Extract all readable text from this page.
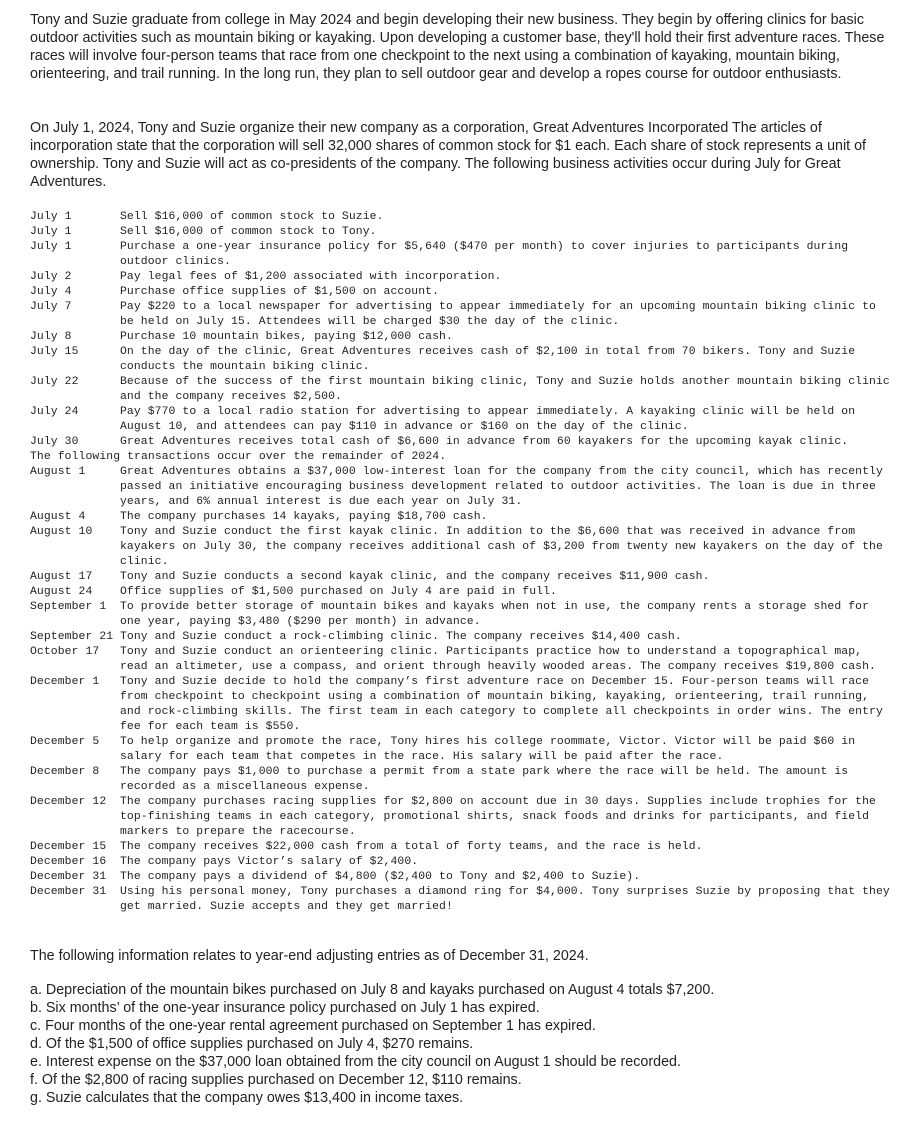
Tony and Suzie graduate from college in May 2024 and begin developing their new business. They begin by offering clinics for basic outdoor activities such as mountain biking or kayaking. Upon developing a customer base, they'll hold their first adventure races. These races will involve four-person teams that race from one checkpoint to the next using a combination of kayaking, mountain biking, orienteering, and trail running. In the long run, they plan to sell outdoor gear and develop a ropes course for outdoor enthusiasts.

On July 1, 2024, Tony and Suzie organize their new company as a corporation, Great Adventures Incorporated The articles of incorporation state that the corporation will sell 32,000 shares of common stock for $1 each. Each share of stock represents a unit of ownership. Tony and Suzie will act as co-presidents of the company. The following business activities occur during July for Great Adventures.

July 1	Sell $16,000 of common stock to Suzie.
July 1	Sell $16,000 of common stock to Tony.
July 1	Purchase a one-year insurance policy for $5,640 ($470 per month) to cover injuries to participants during outdoor clinics.
July 2	Pay legal fees of $1,200 associated with incorporation.
July 4	Purchase office supplies of $1,500 on account.
July 7	Pay $220 to a local newspaper for advertising to appear immediately for an upcoming mountain biking clinic to be held on July 15. Attendees will be charged $30 the day of the clinic.
July 8	Purchase 10 mountain bikes, paying $12,000 cash.
July 15	On the day of the clinic, Great Adventures receives cash of $2,100 in total from 70 bikers. Tony and Suzie conducts the mountain biking clinic.
July 22	Because of the success of the first mountain biking clinic, Tony and Suzie holds another mountain biking clinic and the company receives $2,500.
July 24	Pay $770 to a local radio station for advertising to appear immediately. A kayaking clinic will be held on August 10, and attendees can pay $110 in advance or $160 on the day of the clinic.
July 30	Great Adventures receives total cash of $6,600 in advance from 60 kayakers for the upcoming kayak clinic.
The following transactions occur over the remainder of 2024.
August 1	Great Adventures obtains a $37,000 low-interest loan for the company from the city council, which has recently passed an initiative encouraging business development related to outdoor activities. The loan is due in three years, and 6% annual interest is due each year on July 31.
August 4	The company purchases 14 kayaks, paying $18,700 cash.
August 10	Tony and Suzie conduct the first kayak clinic. In addition to the $6,600 that was received in advance from kayakers on July 30, the company receives additional cash of $3,200 from twenty new kayakers on the day of the clinic.
August 17	Tony and Suzie conducts a second kayak clinic, and the company receives $11,900 cash.
August 24	Office supplies of $1,500 purchased on July 4 are paid in full.
September 1	To provide better storage of mountain bikes and kayaks when not in use, the company rents a storage shed for one year, paying $3,480 ($290 per month) in advance.
September 21 Tony and Suzie conduct a rock-climbing clinic. The company receives $14,400 cash.
October 17	Tony and Suzie conduct an orienteering clinic. Participants practice how to understand a topographical map, read an altimeter, use a compass, and orient through heavily wooded areas. The company receives $19,800 cash.
December 1	Tony and Suzie decide to hold the company’s first adventure race on December 15. Four-person teams will race from checkpoint to checkpoint using a combination of mountain biking, kayaking, orienteering, trail running, and rock-climbing skills. The first team in each category to complete all checkpoints in order wins. The entry fee for each team is $550.
December 5	To help organize and promote the race, Tony hires his college roommate, Victor. Victor will be paid $60 in salary for each team that competes in the race. His salary will be paid after the race.
December 8	The company pays $1,000 to purchase a permit from a state park where the race will be held. The amount is recorded as a miscellaneous expense.
December 12	The company purchases racing supplies for $2,800 on account due in 30 days. Supplies include trophies for the top-finishing teams in each category, promotional shirts, snack foods and drinks for participants, and field markers to prepare the racecourse.
December 15	The company receives $22,000 cash from a total of forty teams, and the race is held.
December 16	The company pays Victor’s salary of $2,400.
December 31	The company pays a dividend of $4,800 ($2,400 to Tony and $2,400 to Suzie).
December 31	Using his personal money, Tony purchases a diamond ring for $4,000. Tony surprises Suzie by proposing that they get married. Suzie accepts and they get married!

The following information relates to year-end adjusting entries as of December 31, 2024.

a. Depreciation of the mountain bikes purchased on July 8 and kayaks purchased on August 4 totals $7,200.
b. Six months’ of the one-year insurance policy purchased on July 1 has expired.
c. Four months of the one-year rental agreement purchased on September 1 has expired.
d. Of the $1,500 of office supplies purchased on July 4, $270 remains.
e. Interest expense on the $37,000 loan obtained from the city council on August 1 should be recorded.
f. Of the $2,800 of racing supplies purchased on December 12, $110 remains.
g. Suzie calculates that the company owes $13,400 in income taxes.
